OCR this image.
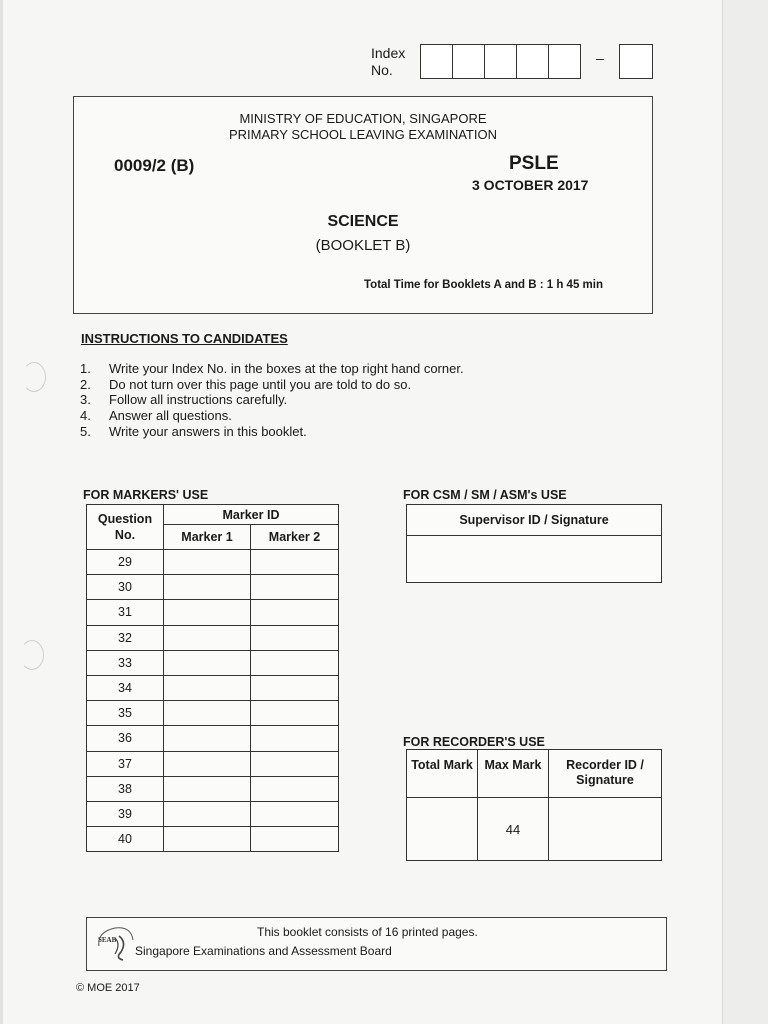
Index
No.
–
MINISTRY OF EDUCATION, SINGAPORE
PRIMARY SCHOOL LEAVING EXAMINATION
0009/2 (B)	PSLE
3 OCTOBER 2017
SCIENCE
(BOOKLET B)
Total Time for Booklets A and B : 1 h 45 min
INSTRUCTIONS TO CANDIDATES
1.	Write your Index No. in the boxes at the top right hand corner.
2.	Do not turn over this page until you are told to do so.
3.	Follow all instructions carefully.
4.	Answer all questions.
5.	Write your answers in this booklet.
FOR MARKERS' USE
Question No.	Marker ID	
	Marker 1	Marker 2
29		
30		
31		
32		
33		
34		
35		
36		
37		
38		
39		
40		
FOR CSM / SM / ASM's USE
Supervisor ID / Signature

FOR RECORDER'S USE
Total Mark	Max Mark	Recorder ID / Signature
	44	
SEAB
This booklet consists of 16 printed pages.
Singapore Examinations and Assessment Board
© MOE 2017
